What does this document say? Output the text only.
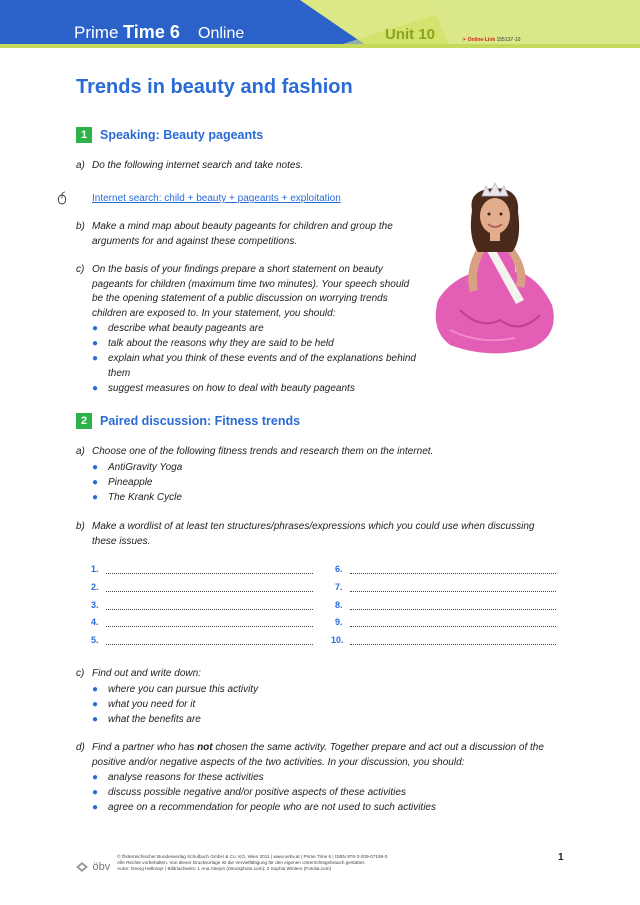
Prime Time 6 Online	Unit 10	✈ Online-Link 155137-10
Trends in beauty and fashion
1 Speaking: Beauty pageants
a) Do the following internet search and take notes.
Internet search: child + beauty + pageants + exploitation
b) Make a mind map about beauty pageants for children and group the arguments for and against these competitions.
c) On the basis of your findings prepare a short statement on beauty pageants for children (maximum time two minutes). Your speech should be the opening statement of a public discussion on worrying trends children are exposed to. In your statement, you should:
● describe what beauty pageants are
● talk about the reasons why they are said to be held
● explain what you think of these events and of the explanations behind them
● suggest measures on how to deal with beauty pageants
2 Paired discussion: Fitness trends
a) Choose one of the following fitness trends and research them on the internet.
● AntiGravity Yoga
● Pineapple
● The Krank Cycle
b) Make a wordlist of at least ten structures/phrases/expressions which you could use when discussing these issues.
1.
2.
3.
4.
5.
6.
7.
8.
9.
10.
c) Find out and write down:
● where you can pursue this activity
● what you need for it
● what the benefits are
d) Find a partner who has not chosen the same activity. Together prepare and act out a discussion of the positive and/or negative aspects of the two activities. In your discussion, you should:
● analyse reasons for these activities
● discuss possible negative and/or positive aspects of these activities
● agree on a recommendation for people who are not used to such activities
öbv
© Österreichischer Bundesverlag Schulbuch GmbH & Co. KG, Wien 2011 | www.oebv.at | Prime Time 6 | ISBN 978-3-209-07159-0
Alle Rechte vorbehalten. Von dieser Druckvorlage ist die Vervielfältigung für den eigenen Unterrichtsgebrauch gestattet.
Autor: Georg Hellmayr | Bildnachweis: 1 Ana Abejon (iStockphoto.com); 2 Sophia Winters (Fotolia.com)
1
